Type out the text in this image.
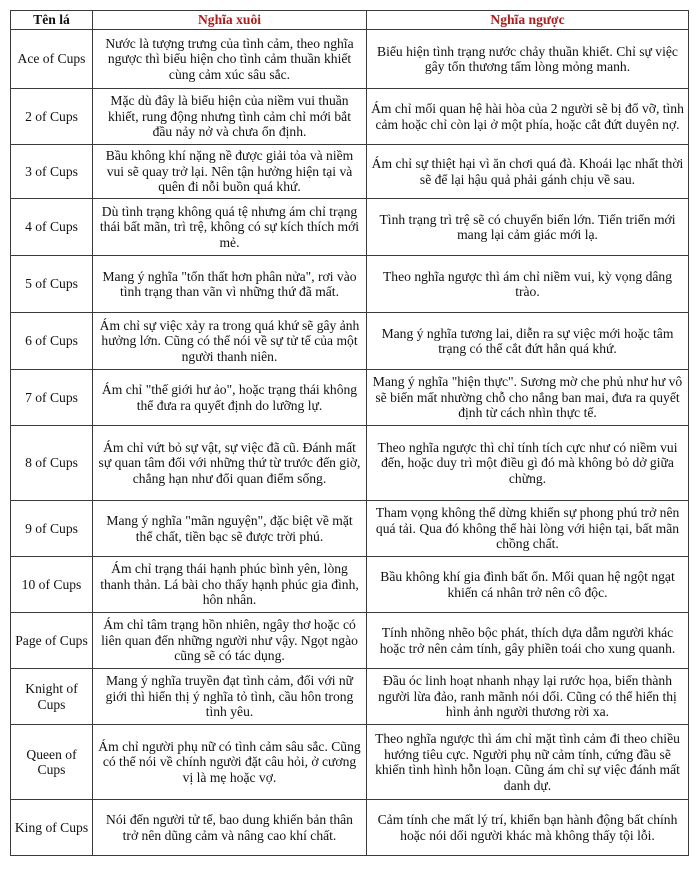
Tên lá	Nghĩa xuôi	Nghĩa ngược
Ace of Cups	Nước là tượng trưng của tình cảm, theo nghĩa ngược thì biểu hiện cho tình cảm thuần khiết cùng cảm xúc sâu sắc.	Biểu hiện tình trạng nước chảy thuần khiết. Chỉ sự việc gây tổn thương tấm lòng mỏng manh.
2 of Cups	Mặc dù đây là biểu hiện của niềm vui thuần khiết, rung động nhưng tình cảm chỉ mới bắt đầu nảy nở và chưa ổn định.	Ám chỉ mối quan hệ hài hòa của 2 người sẽ bị đổ vỡ, tình cảm hoặc chỉ còn lại ở một phía, hoặc cắt đứt duyên nợ.
3 of Cups	Bầu không khí nặng nề được giải tỏa và niềm vui sẽ quay trở lại. Nên tận hưởng hiện tại và quên đi nỗi buồn quá khứ.	Ám chỉ sự thiệt hại vì ăn chơi quá đà. Khoái lạc nhất thời sẽ để lại hậu quả phải gánh chịu về sau.
4 of Cups	Dù tình trạng không quá tệ nhưng ám chỉ trạng thái bất mãn, trì trệ, không có sự kích thích mới mẻ.	Tình trạng trì trệ sẽ có chuyển biến lớn. Tiến triển mới mang lại cảm giác mới lạ.
5 of Cups	Mang ý nghĩa "tổn thất hơn phân nửa", rơi vào tình trạng than vãn vì những thứ đã mất.	Theo nghĩa ngược thì ám chỉ niềm vui, kỳ vọng dâng trào.
6 of Cups	Ám chỉ sự việc xảy ra trong quá khứ sẽ gây ảnh hưởng lớn. Cũng có thể nói về sự tử tế của một người thanh niên.	Mang ý nghĩa tương lai, diễn ra sự việc mới hoặc tâm trạng có thể cắt đứt hẳn quá khứ.
7 of Cups	Ám chỉ "thế giới hư ảo", hoặc trạng thái không thể đưa ra quyết định do lưỡng lự.	Mang ý nghĩa "hiện thực". Sương mờ che phủ như hư vô sẽ biến mất nhường chỗ cho nắng ban mai, đưa ra quyết định từ cách nhìn thực tế.
8 of Cups	Ám chỉ vứt bỏ sự vật, sự việc đã cũ. Đánh mất sự quan tâm đối với những thứ từ trước đến giờ, chẳng hạn như đổi quan điểm sống.	Theo nghĩa ngược thì chỉ tính tích cực như có niềm vui đến, hoặc duy trì một điều gì đó mà không bỏ dở giữa chừng.
9 of Cups	Mang ý nghĩa "mãn nguyện", đặc biệt về mặt thể chất, tiền bạc sẽ được trời phú.	Tham vọng không thể dừng khiến sự phong phú trở nên quá tải. Qua đó không thể hài lòng với hiện tại, bất mãn chồng chất.
10 of Cups	Ám chỉ trạng thái hạnh phúc bình yên, lòng thanh thản. Lá bài cho thấy hạnh phúc gia đình, hôn nhân.	Bầu không khí gia đình bất ổn. Mối quan hệ ngột ngạt khiến cá nhân trở nên cô độc.
Page of Cups	Ám chỉ tâm trạng hồn nhiên, ngây thơ hoặc có liên quan đến những người như vậy. Ngọt ngào cũng sẽ có tác dụng.	Tính nhõng nhẽo bộc phát, thích dựa dẫm người khác hoặc trở nên cảm tính, gây phiền toái cho xung quanh.
Knight of Cups	Mang ý nghĩa truyền đạt tình cảm, đối với nữ giới thì hiển thị ý nghĩa tỏ tình, cầu hôn trong tình yêu.	Đầu óc linh hoạt nhanh nhạy lại rước họa, biến thành người lừa đảo, ranh mãnh nói dối. Cũng có thể hiển thị hình ảnh người thương rời xa.
Queen of Cups	Ám chỉ người phụ nữ có tình cảm sâu sắc. Cũng có thể nói về chính người đặt câu hỏi, ở cương vị là mẹ hoặc vợ.	Theo nghĩa ngược thì ám chỉ mặt tình cảm đi theo chiều hướng tiêu cực. Người phụ nữ cảm tính, cứng đầu sẽ khiến tình hình hỗn loạn. Cũng ám chỉ sự việc đánh mất danh dự.
King of Cups	Nói đến người tử tế, bao dung khiến bản thân trở nên dũng cảm và nâng cao khí chất.	Cảm tính che mất lý trí, khiến bạn hành động bất chính hoặc nói dối người khác mà không thấy tội lỗi.
